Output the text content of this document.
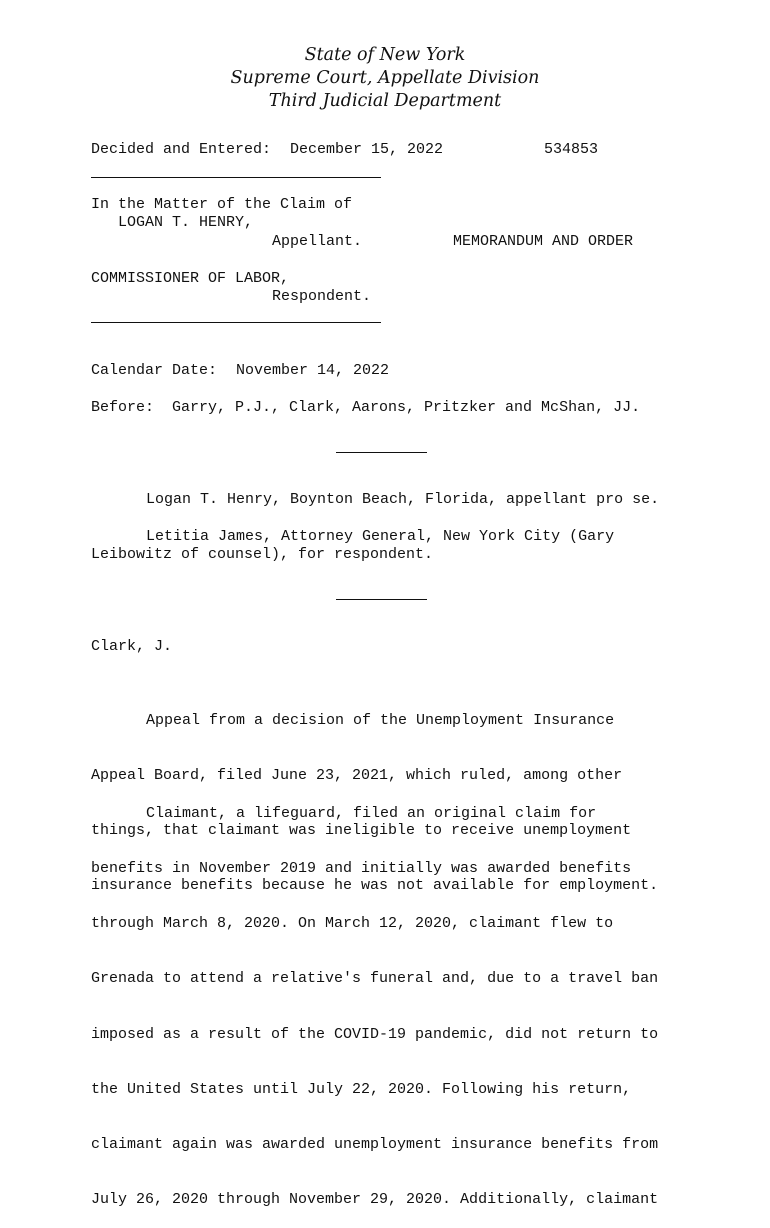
State of New York
Supreme Court, Appellate Division
Third Judicial Department
Decided and Entered: December 15, 2022	534853
In the Matter of the Claim of
LOGAN T. HENRY,
Appellant.	MEMORANDUM AND ORDER
COMMISSIONER OF LABOR,
Respondent.
Calendar Date: November 14, 2022
Before: Garry, P.J., Clark, Aarons, Pritzker and McShan, JJ.
Logan T. Henry, Boynton Beach, Florida, appellant pro se.
Letitia James, Attorney General, New York City (Gary
Leibowitz of counsel), for respondent.
Clark, J.

Appeal from a decision of the Unemployment Insurance

Appeal Board, filed June 23, 2021, which ruled, among other

things, that claimant was ineligible to receive unemployment

insurance benefits because he was not available for employment.

Claimant, a lifeguard, filed an original claim for

benefits in November 2019 and initially was awarded benefits

through March 8, 2020. On March 12, 2020, claimant flew to

Grenada to attend a relative's funeral and, due to a travel ban

imposed as a result of the COVID-19 pandemic, did not return to

the United States until July 22, 2020. Following his return,

claimant again was awarded unemployment insurance benefits from

July 26, 2020 through November 29, 2020. Additionally, claimant
